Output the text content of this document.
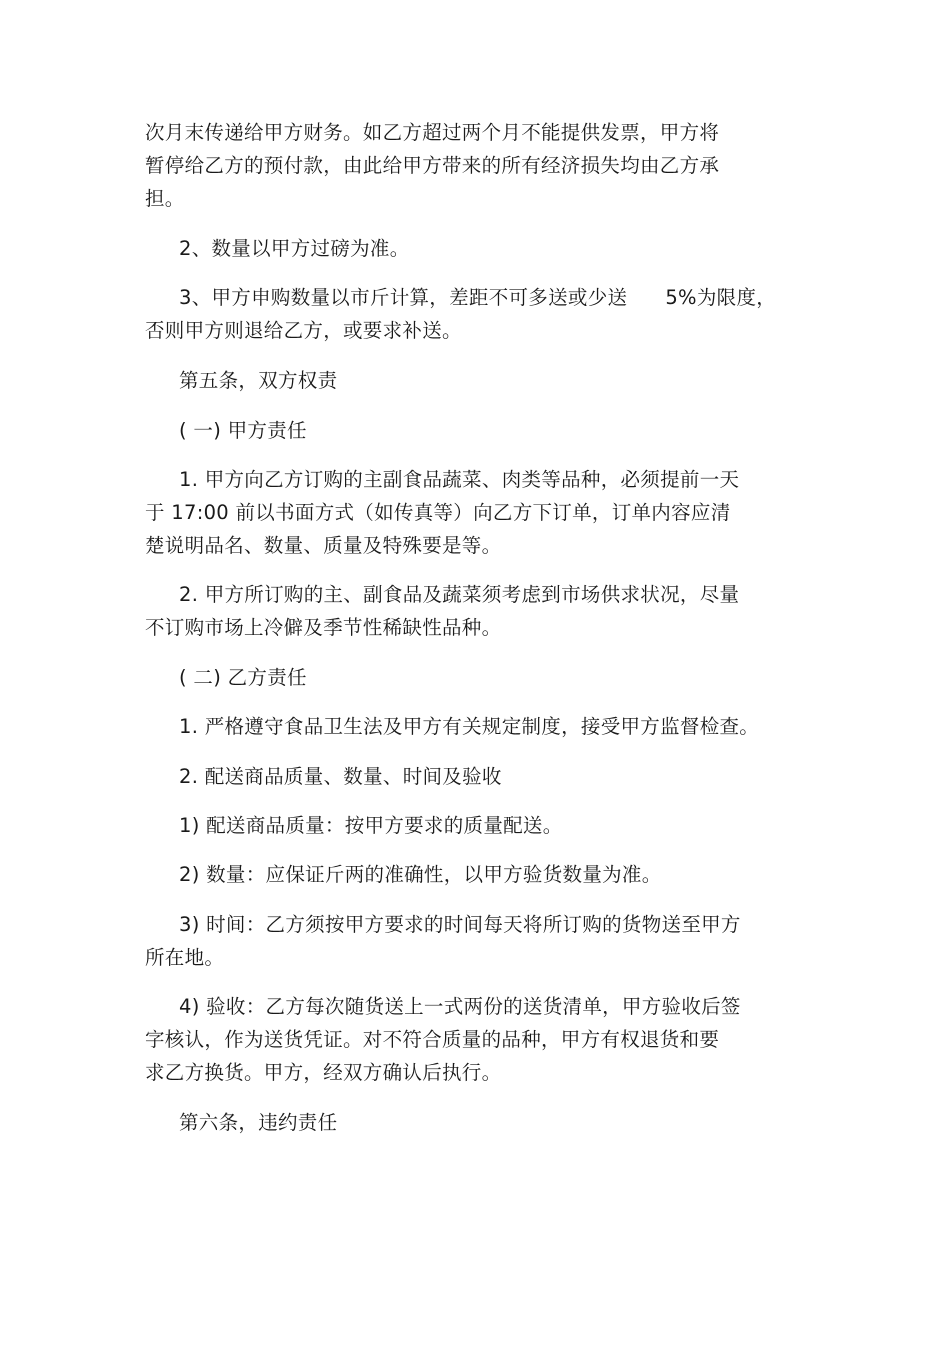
次月末传递给甲方财务。如乙方超过两个月不能提供发票，甲方将
暂停给乙方的预付款，由此给甲方带来的所有经济损失均由乙方承
担。
2、数量以甲方过磅为准。
3、甲方申购数量以市斤计算，差距不可多送或少送 5%为限度，
否则甲方则退给乙方，或要求补送。
第五条，双方权责
( 一) 甲方责任
1. 甲方向乙方订购的主副食品蔬菜、肉类等品种，必须提前一天
于 17:00 前以书面方式（如传真等）向乙方下订单，订单内容应清
楚说明品名、数量、质量及特殊要是等。
2. 甲方所订购的主、副食品及蔬菜须考虑到市场供求状况，尽量
不订购市场上冷僻及季节性稀缺性品种。
( 二) 乙方责任
1. 严格遵守食品卫生法及甲方有关规定制度，接受甲方监督检查。
2. 配送商品质量、数量、时间及验收
1) 配送商品质量：按甲方要求的质量配送。
2) 数量：应保证斤两的准确性，以甲方验货数量为准。
3) 时间：乙方须按甲方要求的时间每天将所订购的货物送至甲方
所在地。
4) 验收：乙方每次随货送上一式两份的送货清单，甲方验收后签
字核认，作为送货凭证。对不符合质量的品种，甲方有权退货和要
求乙方换货。甲方，经双方确认后执行。
第六条，违约责任
